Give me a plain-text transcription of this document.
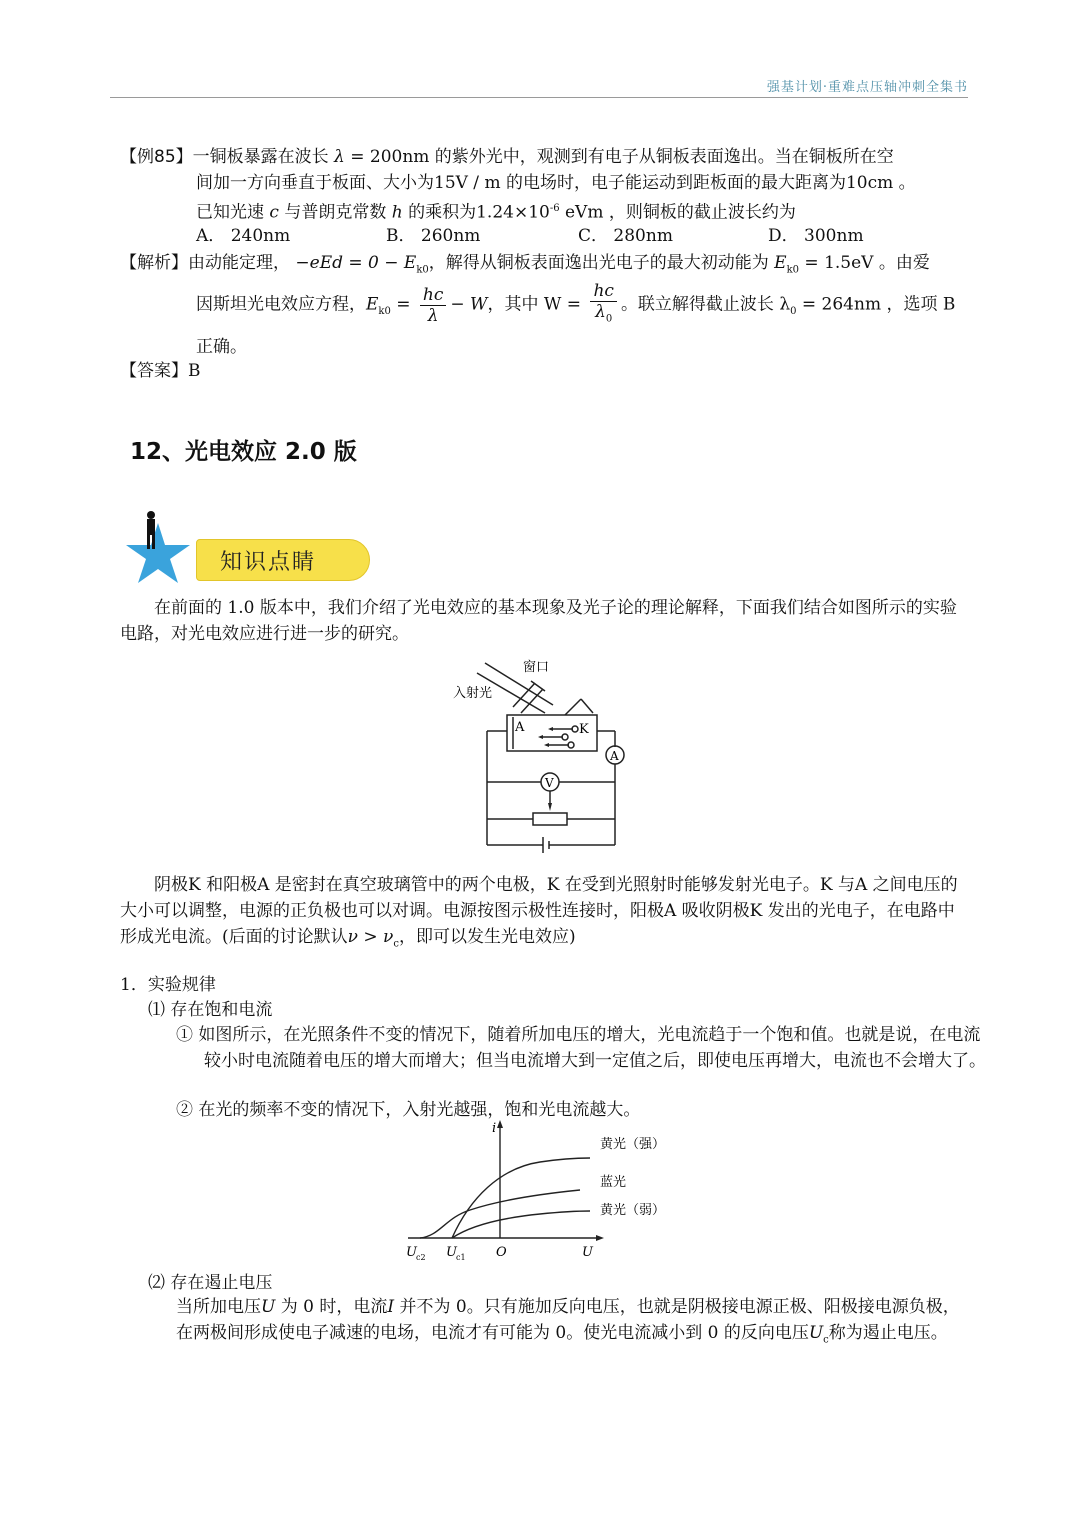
强基计划·重难点压轴冲刺全集书
【例85】一铜板暴露在波长 λ = 200nm 的紫外光中，观测到有电子从铜板表面逸出。当在铜板所在空
间加一方向垂直于板面、大小为15V / m 的电场时，电子能运动到距板面的最大距离为10cm 。
已知光速 c 与普朗克常数 h 的乘积为$1.24\times 10^{-6}$ eVm ，则铜板的截止波长约为
A． 240nm	B． 260nm	C． 280nm	D． 300nm
【解析】由动能定理， $-eEd = 0 - E_{k0}$，解得从铜板表面逸出光电子的最大初动能为 $E_{k0} = 1.5eV$ 。由爱
因斯坦光电效应方程，$E_{k0} = \frac{hc}{\lambda} - W$，其中 $W = \frac{hc}{\lambda_0}$ 。联立解得截止波长 $\lambda_0 = 264nm$ ，选项 B
正确。
【答案】B
12、光电效应 2.0 版
知识点睛
在前面的 1.0 版本中，我们介绍了光电效应的基本现象及光子论的理论解释，下面我们结合如图所示的实验电路，对光电效应进行进一步的研究。
窗口
入射光
A	K
A
V
阴极K 和阳极A 是密封在真空玻璃管中的两个电极，K 在受到光照射时能够发射光电子。K 与A 之间电压的大小可以调整，电源的正负极也可以对调。电源按图示极性连接时，阳极A 吸收阴极K 发出的光电子，在电路中形成光电流。(后面的讨论默认$\nu > \nu_c$，即可以发生光电效应)
1．实验规律
⑴ 存在饱和电流
① 如图所示，在光照条件不变的情况下，随着所加电压的增大，光电流趋于一个饱和值。也就是说，在电流较小时电流随着电压的增大而增大；但当电流增大到一定值之后，即使电压再增大，电流也不会增大了。
② 在光的频率不变的情况下，入射光越强，饱和光电流越大。
i
U
O
U c2 U c1
黄光（强）
蓝光
黄光（弱）
⑵ 存在遏止电压
当所加电压U 为 0 时，电流I 并不为 0。只有施加反向电压，也就是阴极接电源正极、阳极接电源负极，在两极间形成使电子减速的电场，电流才有可能为 0。使光电流减小到 0 的反向电压$U_c$称为遏止电压。
